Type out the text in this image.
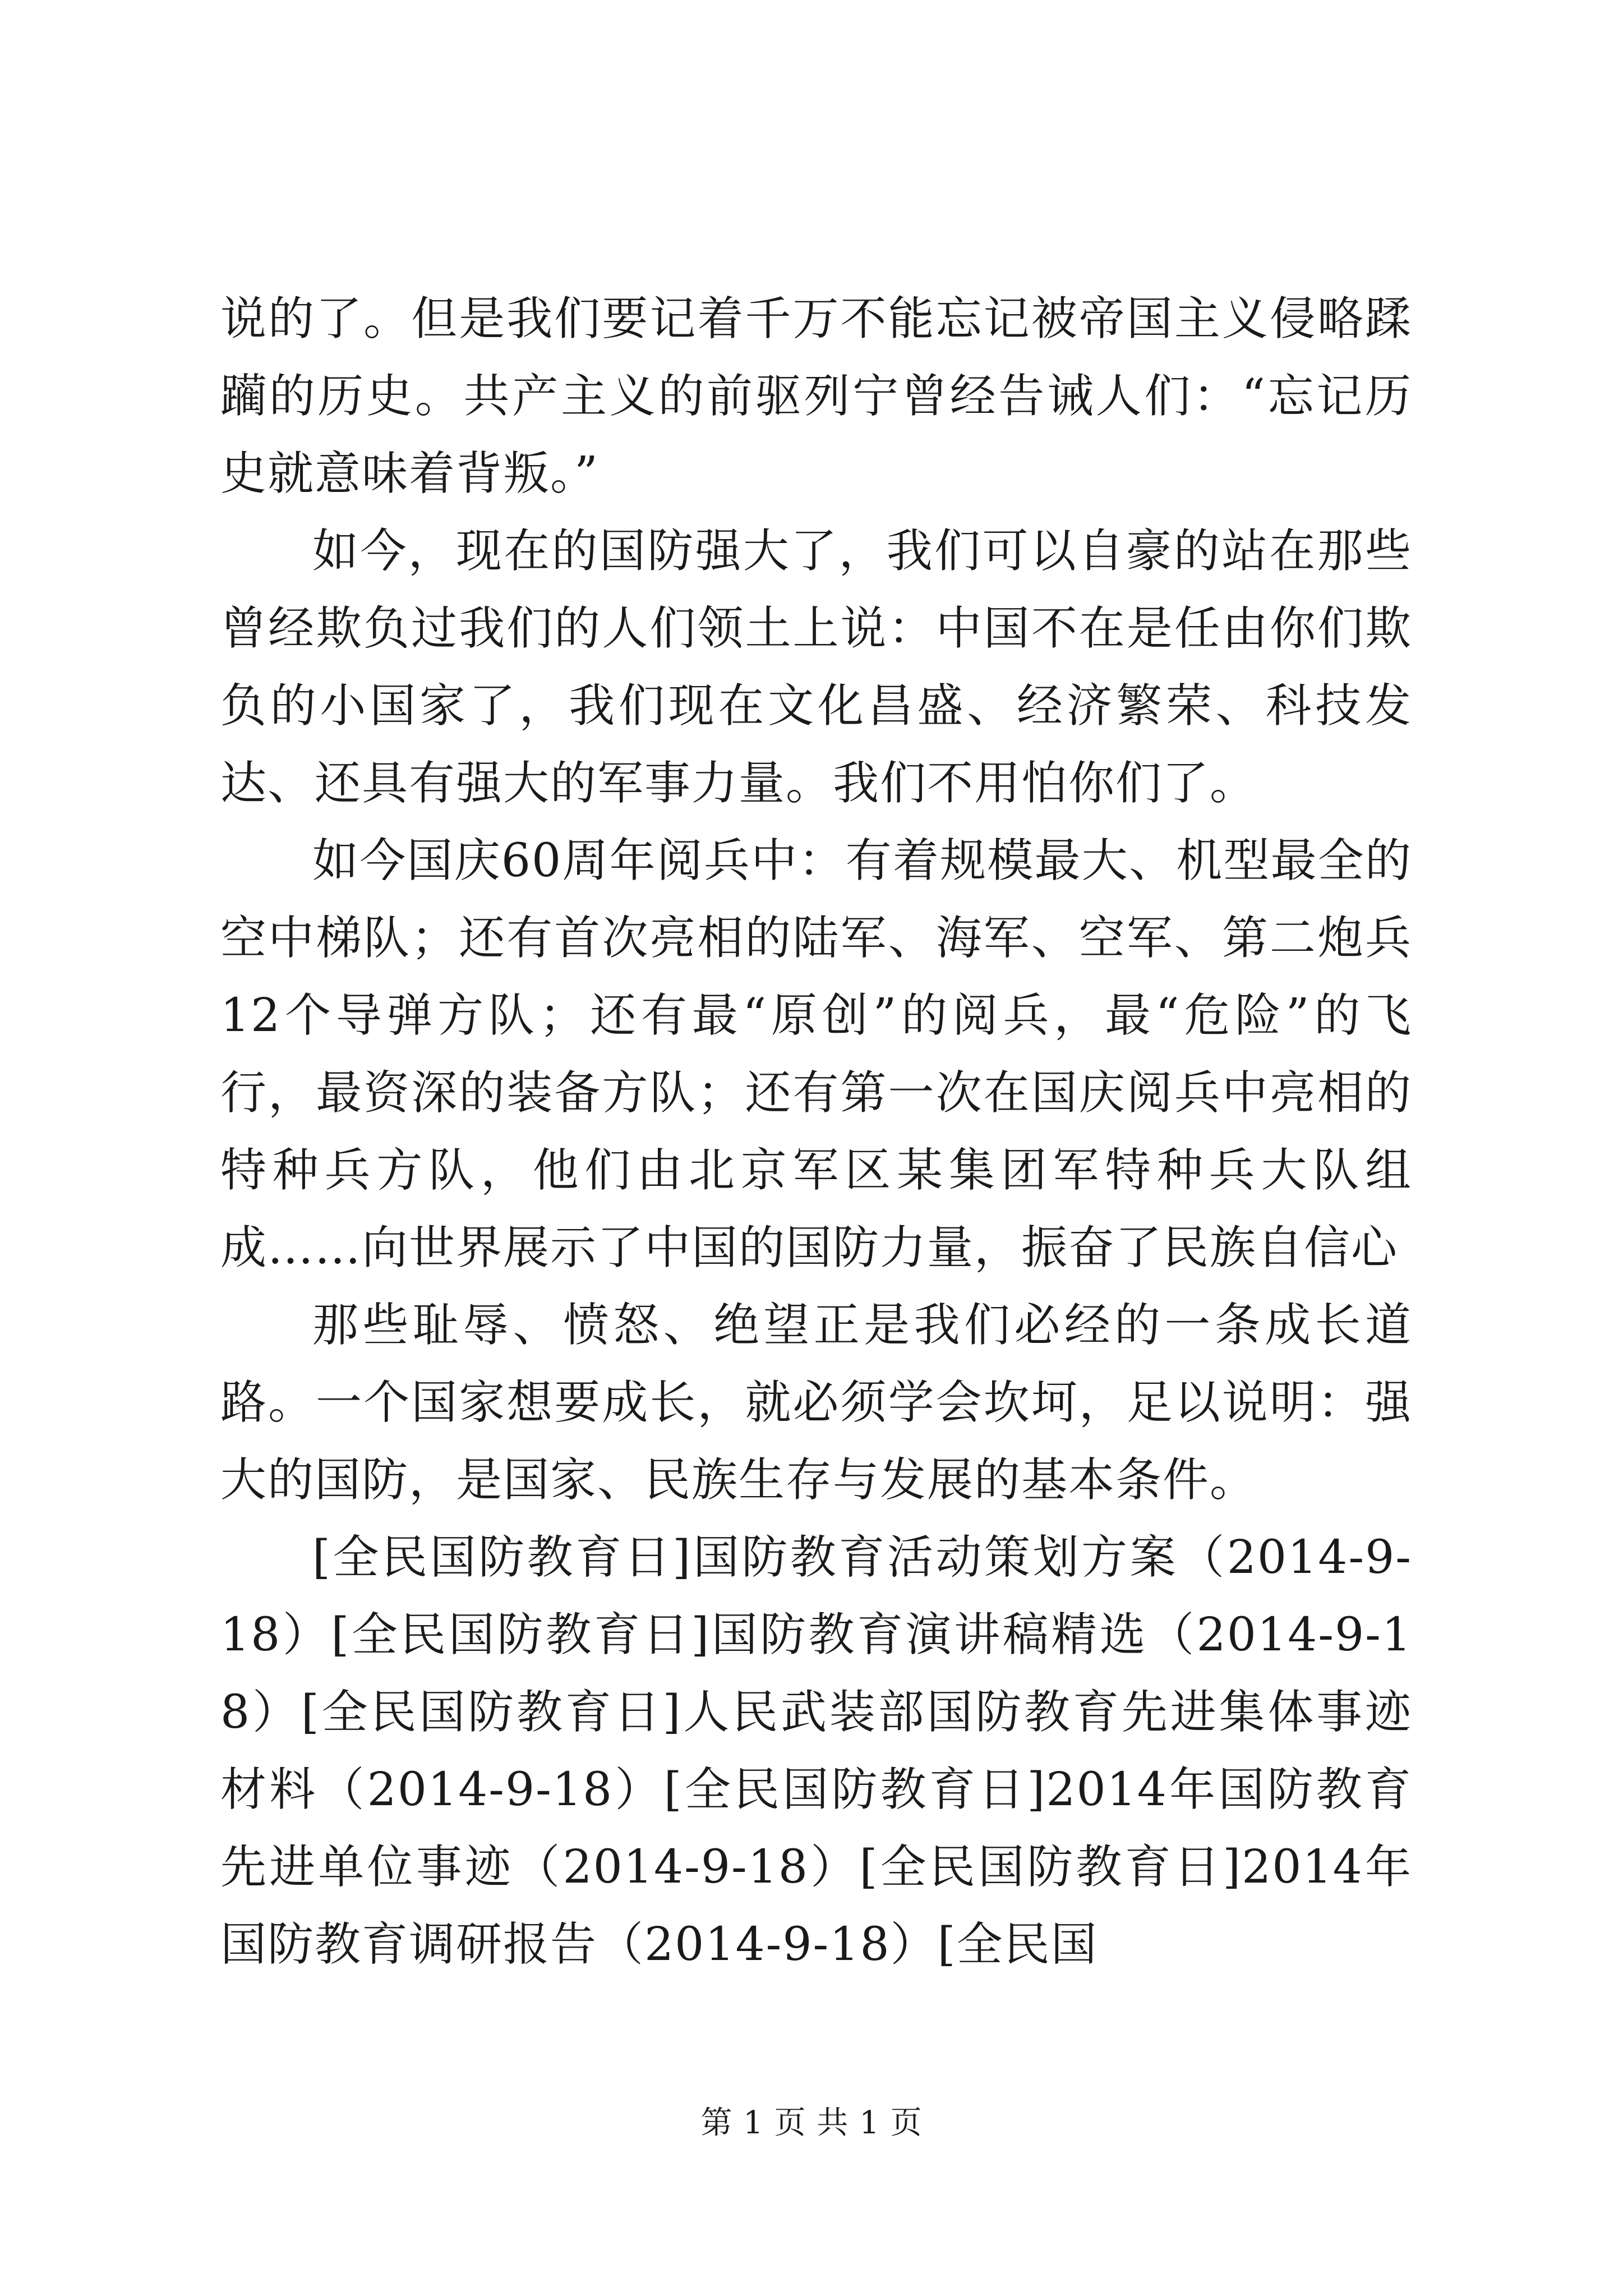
说的了。但是我们要记着千万不能忘记被帝国主义侵略蹂躏的历史。共产主义的前驱列宁曾经告诫人们：“忘记历史就意味着背叛。”

如今，现在的国防强大了，我们可以自豪的站在那些曾经欺负过我们的人们领土上说：中国不在是任由你们欺负的小国家了，我们现在文化昌盛、经济繁荣、科技发达、还具有强大的军事力量。我们不用怕你们了。

如今国庆60周年阅兵中：有着规模最大、机型最全的空中梯队；还有首次亮相的陆军、海军、空军、第二炮兵12个导弹方队；还有最“原创”的阅兵，最“危险”的飞行，最资深的装备方队；还有第一次在国庆阅兵中亮相的特种兵方队，他们由北京军区某集团军特种兵大队组成……向世界展示了中国的国防力量，振奋了民族自信心

那些耻辱、愤怒、绝望正是我们必经的一条成长道路。一个国家想要成长，就必须学会坎坷，足以说明：强大的国防，是国家、民族生存与发展的基本条件。

[全民国防教育日]国防教育活动策划方案（2014-9-18）[全民国防教育日]国防教育演讲稿精选（2014-9-18）[全民国防教育日]人民武装部国防教育先进集体事迹材料（2014-9-18）[全民国防教育日]2014年国防教育先进单位事迹（2014-9-18）[全民国防教育日]2014年国防教育调研报告（2014-9-18）[全民国

第 1 页 共 1 页
